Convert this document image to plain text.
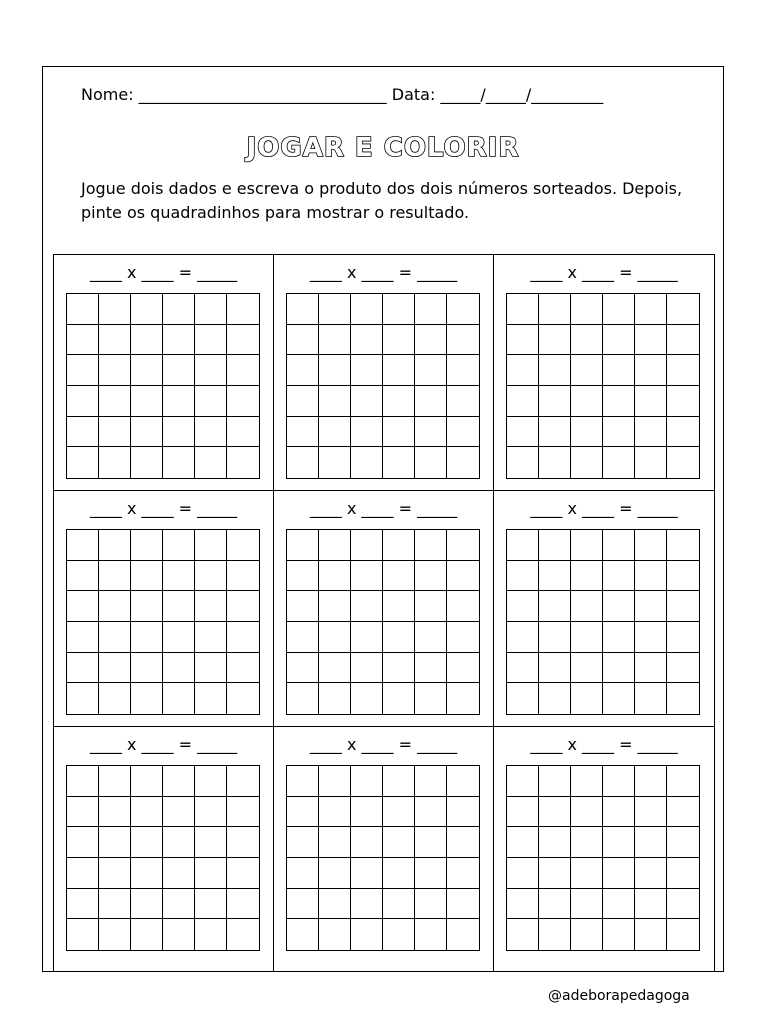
Nome: _______________________________ Data: _____/_____/_________
JOGAR E COLORIR
Jogue dois dados e escreva o produto dos dois números sorteados. Depois,
pinte os quadradinhos para mostrar o resultado.
____ x ____ = _____	____ x ____ = _____	____ x ____ = _____
____ x ____ = _____	____ x ____ = _____	____ x ____ = _____
____ x ____ = _____	____ x ____ = _____	____ x ____ = _____
@adeborapedagoga
